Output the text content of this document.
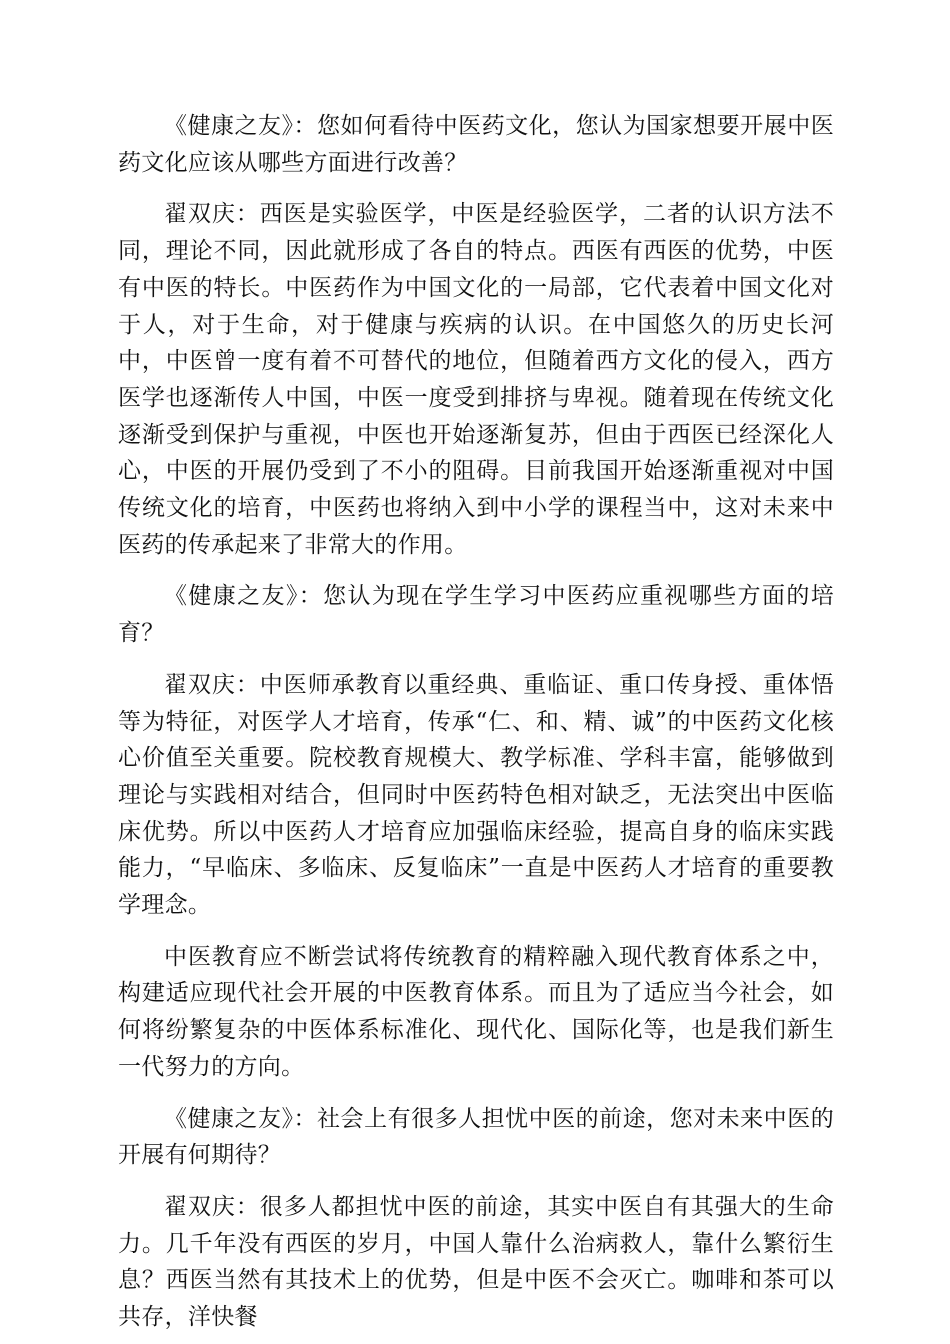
《健康之友》：您如何看待中医药文化，您认为国家想要开展中医药文化应该从哪些方面进行改善？

翟双庆：西医是实验医学，中医是经验医学，二者的认识方法不同，理论不同，因此就形成了各自的特点。西医有西医的优势，中医有中医的特长。中医药作为中国文化的一局部，它代表着中国文化对于人，对于生命，对于健康与疾病的认识。在中国悠久的历史长河中，中医曾一度有着不可替代的地位，但随着西方文化的侵入，西方医学也逐渐传人中国，中医一度受到排挤与卑视。随着现在传统文化逐渐受到保护与重视，中医也开始逐渐复苏，但由于西医已经深化人心，中医的开展仍受到了不小的阻碍。目前我国开始逐渐重视对中国传统文化的培育，中医药也将纳入到中小学的课程当中，这对未来中医药的传承起来了非常大的作用。

《健康之友》：您认为现在学生学习中医药应重视哪些方面的培育？

翟双庆：中医师承教育以重经典、重临证、重口传身授、重体悟等为特征，对医学人才培育，传承“仁、和、精、诚”的中医药文化核心价值至关重要。院校教育规模大、教学标准、学科丰富，能够做到理论与实践相对结合，但同时中医药特色相对缺乏，无法突出中医临床优势。所以中医药人才培育应加强临床经验，提高自身的临床实践能力，“早临床、多临床、反复临床”一直是中医药人才培育的重要教学理念。

中医教育应不断尝试将传统教育的精粹融入现代教育体系之中，构建适应现代社会开展的中医教育体系。而且为了适应当今社会，如何将纷繁复杂的中医体系标准化、现代化、国际化等，也是我们新生一代努力的方向。

《健康之友》：社会上有很多人担忧中医的前途，您对未来中医的开展有何期待？

翟双庆：很多人都担忧中医的前途，其实中医自有其强大的生命力。几千年没有西医的岁月，中国人靠什么治病救人，靠什么繁衍生息？西医当然有其技术上的优势，但是中医不会灭亡。咖啡和茶可以共存，洋快餐
